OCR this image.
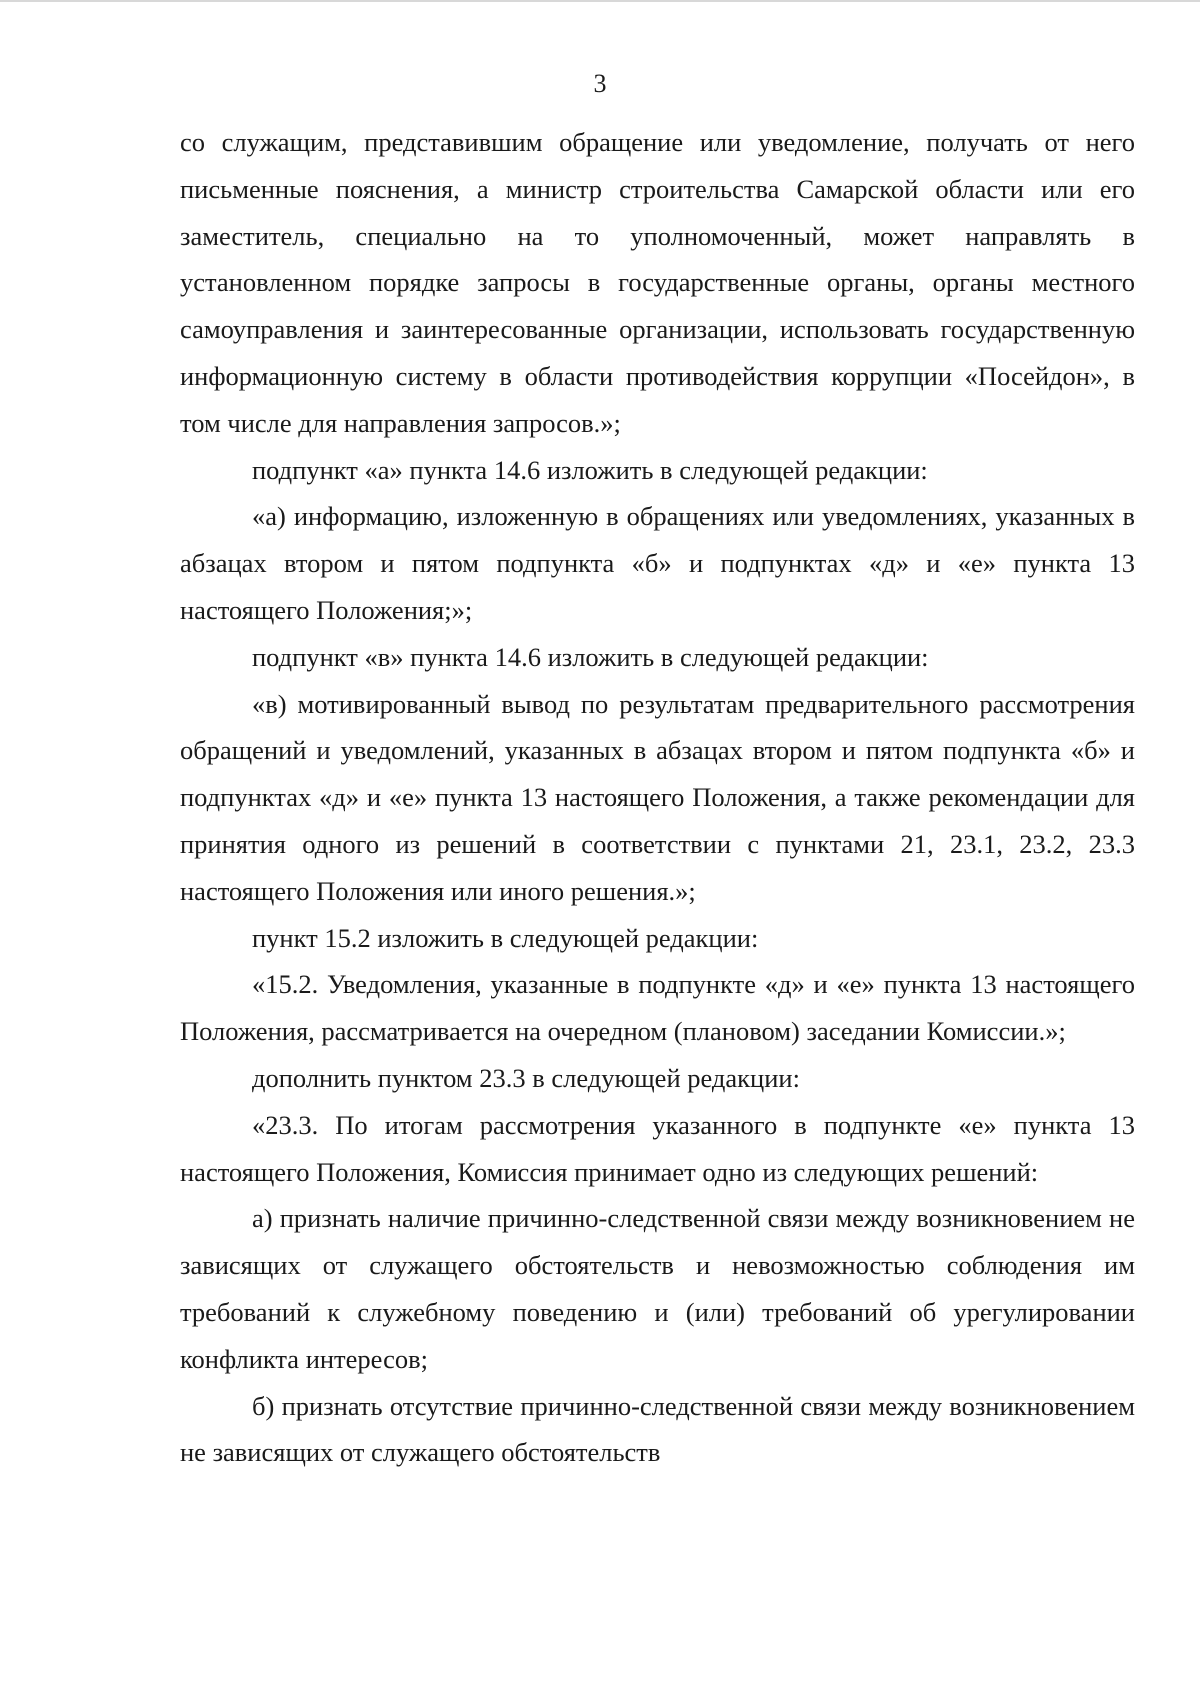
3

со служащим, представившим обращение или уведомление, получать от него письменные пояснения, а министр строительства Самарской области или его заместитель, специально на то уполномоченный, может направлять в установленном порядке запросы в государственные органы, органы местного самоуправления и заинтересованные организации, использовать государственную информационную систему в области противодействия коррупции «Посейдон», в том числе для направления запросов.»;

подпункт «а» пункта 14.6 изложить в следующей редакции:

«а) информацию, изложенную в обращениях или уведомлениях, указанных в абзацах втором и пятом подпункта «б» и подпунктах «д» и «е» пункта 13 настоящего Положения;»;

подпункт «в» пункта 14.6 изложить в следующей редакции:

«в) мотивированный вывод по результатам предварительного рассмотрения обращений и уведомлений, указанных в абзацах втором и пятом подпункта «б» и подпунктах «д» и «е» пункта 13 настоящего Положения, а также рекомендации для принятия одного из решений в соответствии с пунктами 21, 23.1, 23.2, 23.3 настоящего Положения или иного решения.»;

пункт 15.2 изложить в следующей редакции:

«15.2. Уведомления, указанные в подпункте «д» и «е» пункта 13 настоящего Положения, рассматривается на очередном (плановом) заседании Комиссии.»;

дополнить пунктом 23.3 в следующей редакции:

«23.3. По итогам рассмотрения указанного в подпункте «е» пункта 13 настоящего Положения, Комиссия принимает одно из следующих решений:

а) признать наличие причинно-следственной связи между возникновением не зависящих от служащего обстоятельств и невозможностью соблюдения им требований к служебному поведению и (или) требований об урегулировании конфликта интересов;

б) признать отсутствие причинно-следственной связи между возникновением не зависящих от служащего обстоятельств
